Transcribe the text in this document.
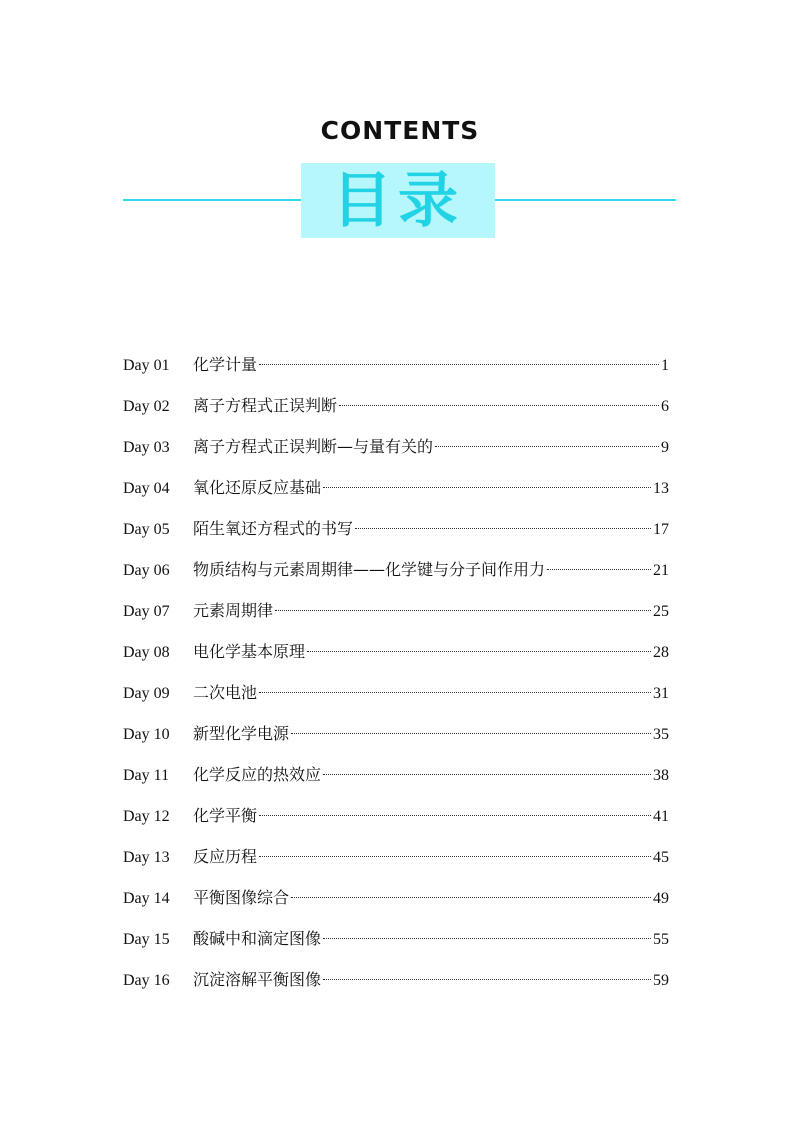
CONTENTS
目录
Day 01	化学计量	1
Day 02	离子方程式正误判断	6
Day 03	离子方程式正误判断—与量有关的	9
Day 04	氧化还原反应基础	13
Day 05	陌生氧还方程式的书写	17
Day 06	物质结构与元素周期律——化学键与分子间作用力	21
Day 07	元素周期律	25
Day 08	电化学基本原理	28
Day 09	二次电池	31
Day 10	新型化学电源	35
Day 11	化学反应的热效应	38
Day 12	化学平衡	41
Day 13	反应历程	45
Day 14	平衡图像综合	49
Day 15	酸碱中和滴定图像	55
Day 16	沉淀溶解平衡图像	59
